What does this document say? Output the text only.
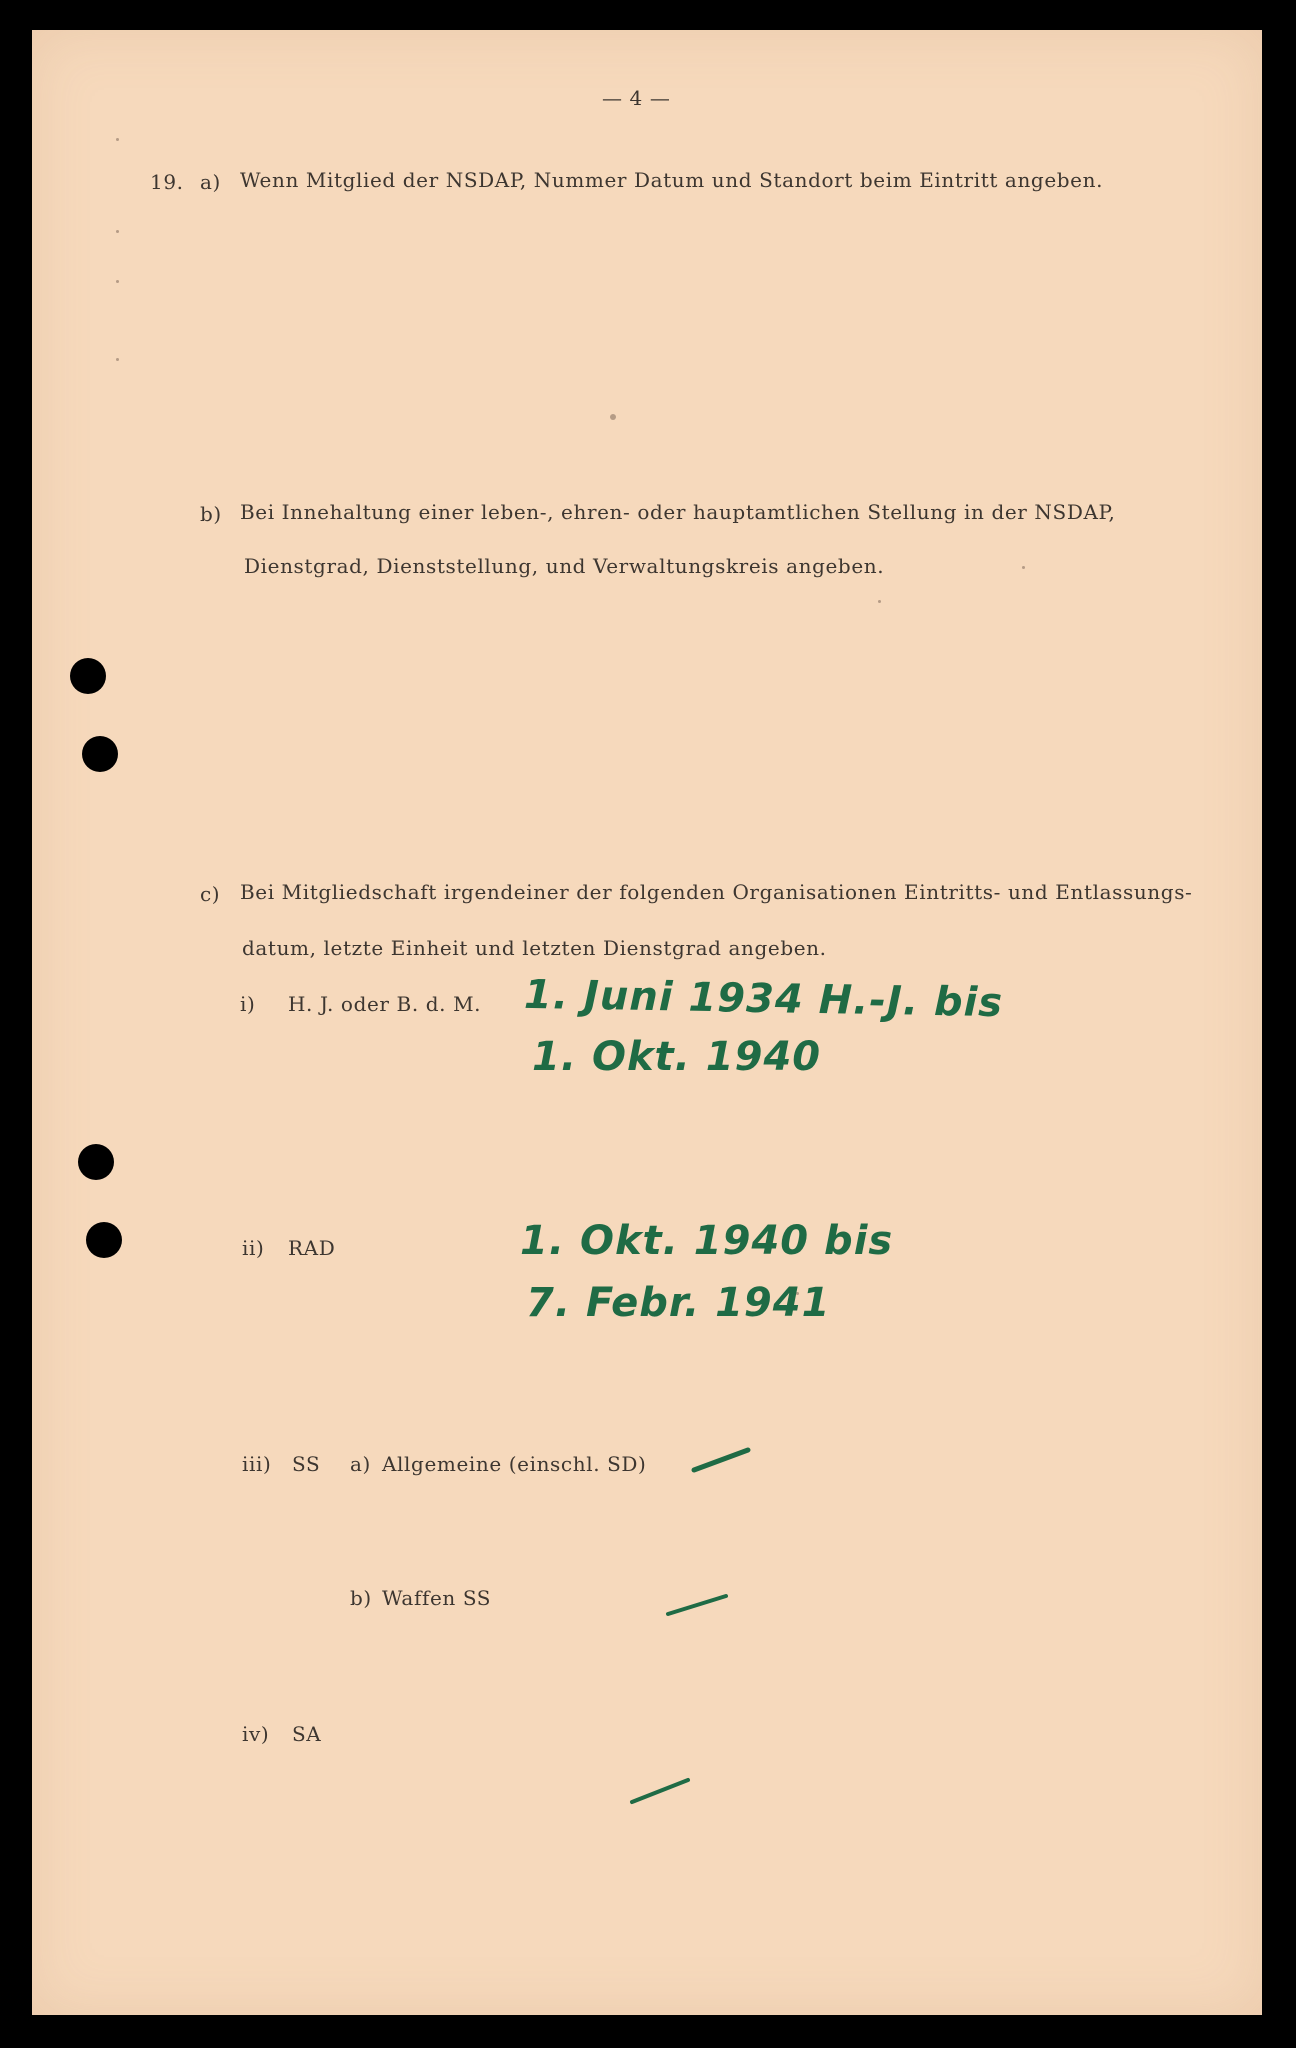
— 4 —
19. a) Wenn Mitglied der NSDAP, Nummer Datum und Standort beim Eintritt angeben.
b) Bei Innehaltung einer leben-, ehren- oder hauptamtlichen Stellung in der NSDAP,
Dienstgrad, Dienststellung, und Verwaltungskreis angeben.
c) Bei Mitgliedschaft irgendeiner der folgenden Organisationen Eintritts- und Entlassungs-
datum, letzte Einheit und letzten Dienstgrad angeben.
i) H. J. oder B. d. M. 1. Juni 1934 H.-J. bis
1. Okt. 1940
ii) RAD	1. Okt. 1940 bis
7. Febr. 1941
iii) SS a) Allgemeine (einschl. SD)
b) Waffen SS
iv) SA
